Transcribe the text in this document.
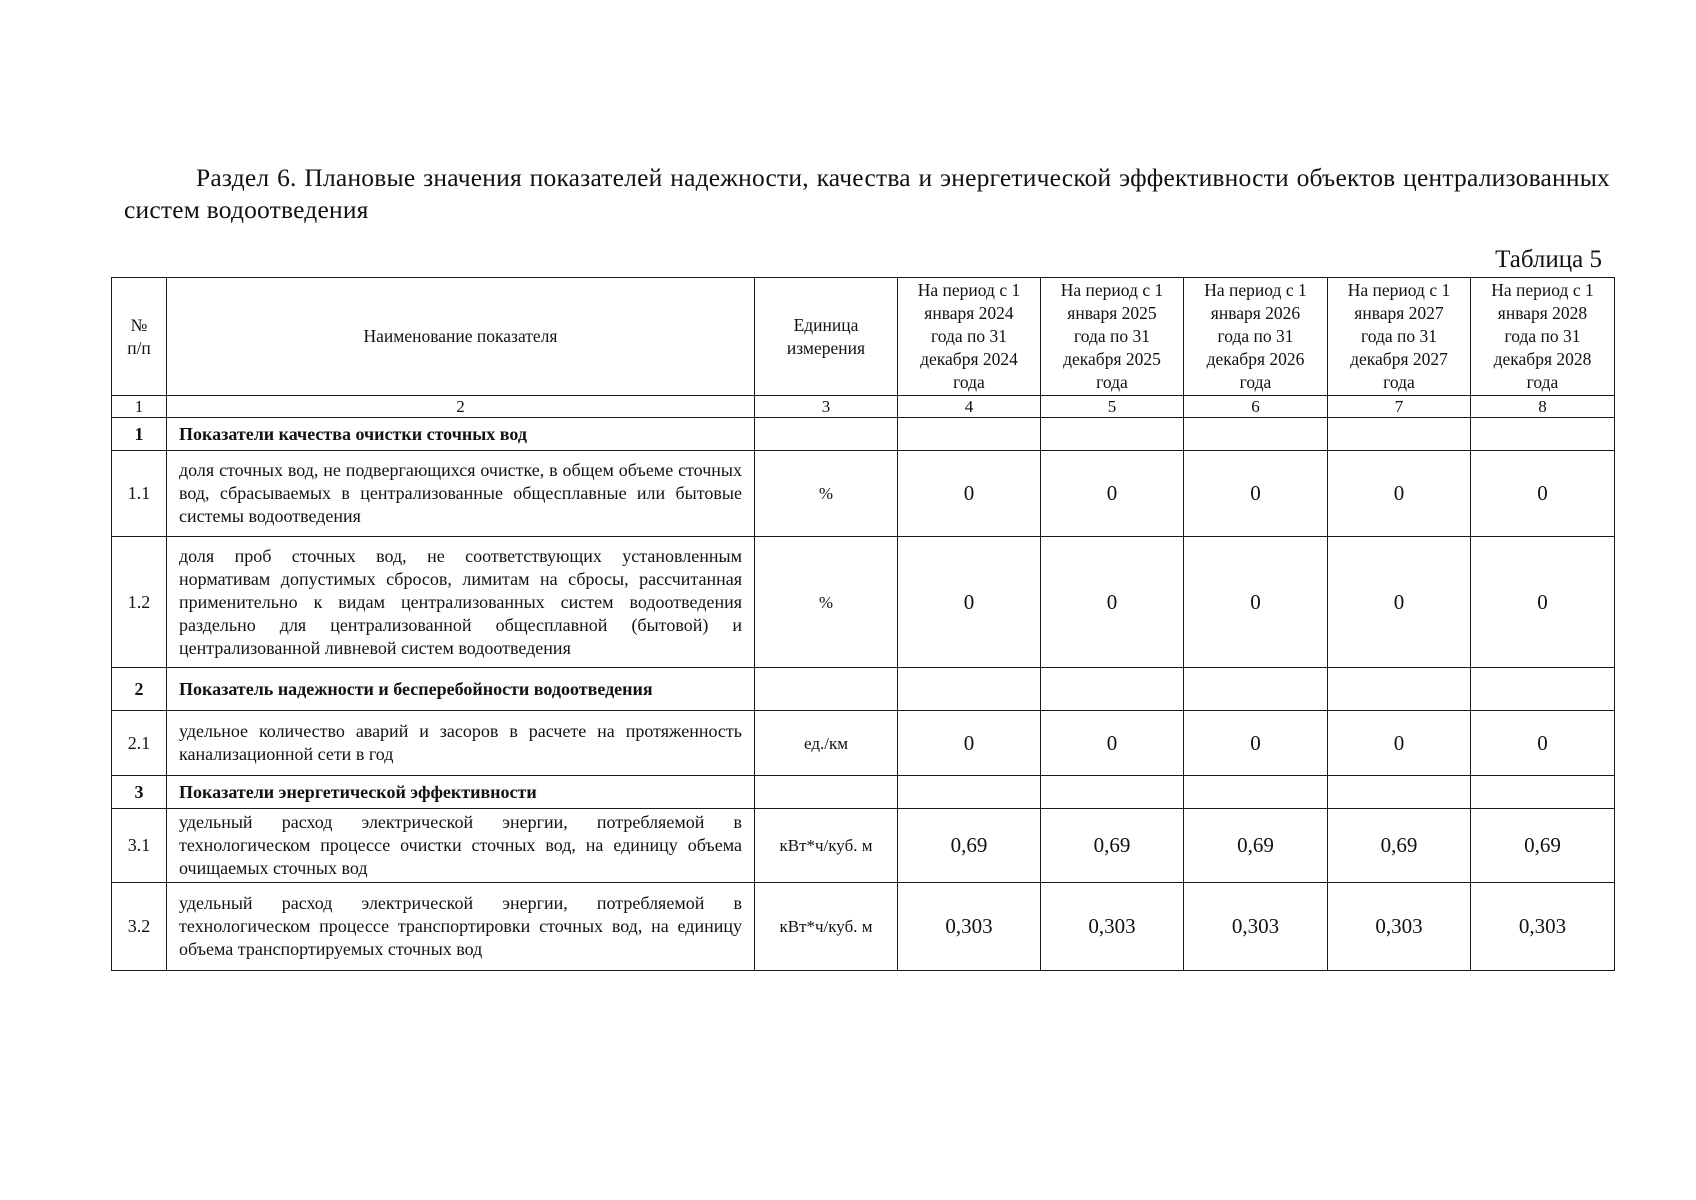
Раздел 6. Плановые значения показателей надежности, качества и энергетической эффективности объектов централизованных систем водоотведения
Таблица 5
№ п/п	Наименование показателя	Единица измерения	На период с 1 января 2024 года по 31 декабря 2024 года	На период с 1 января 2025 года по 31 декабря 2025 года	На период с 1 января 2026 года по 31 декабря 2026 года	На период с 1 января 2027 года по 31 декабря 2027 года	На период с 1 января 2028 года по 31 декабря 2028 года
1	2	3	4	5	6	7	8
1	Показатели качества очистки сточных вод						
1.1	доля сточных вод, не подвергающихся очистке, в общем объеме сточных вод, сбрасываемых в централизованные общесплавные или бытовые системы водоотведения	%	0	0	0	0	0
1.2	доля проб сточных вод, не соответствующих установленным нормативам допустимых сбросов, лимитам на сбросы, рассчитанная применительно к видам централизованных систем водоотведения раздельно для централизованной общесплавной (бытовой) и централизованной ливневой систем водоотведения	%	0	0	0	0	0
2	Показатель надежности и бесперебойности водоотведения						
2.1	удельное количество аварий и засоров в расчете на протяженность канализационной сети в год	ед./км	0	0	0	0	0
3	Показатели энергетической эффективности						
3.1	удельный расход электрической энергии, потребляемой в технологическом процессе очистки сточных вод, на единицу объема очищаемых сточных вод	кВт*ч/куб. м	0,69	0,69	0,69	0,69	0,69
3.2	удельный расход электрической энергии, потребляемой в технологическом процессе транспортировки сточных вод, на единицу объема транспортируемых сточных вод	кВт*ч/куб. м	0,303	0,303	0,303	0,303	0,303
